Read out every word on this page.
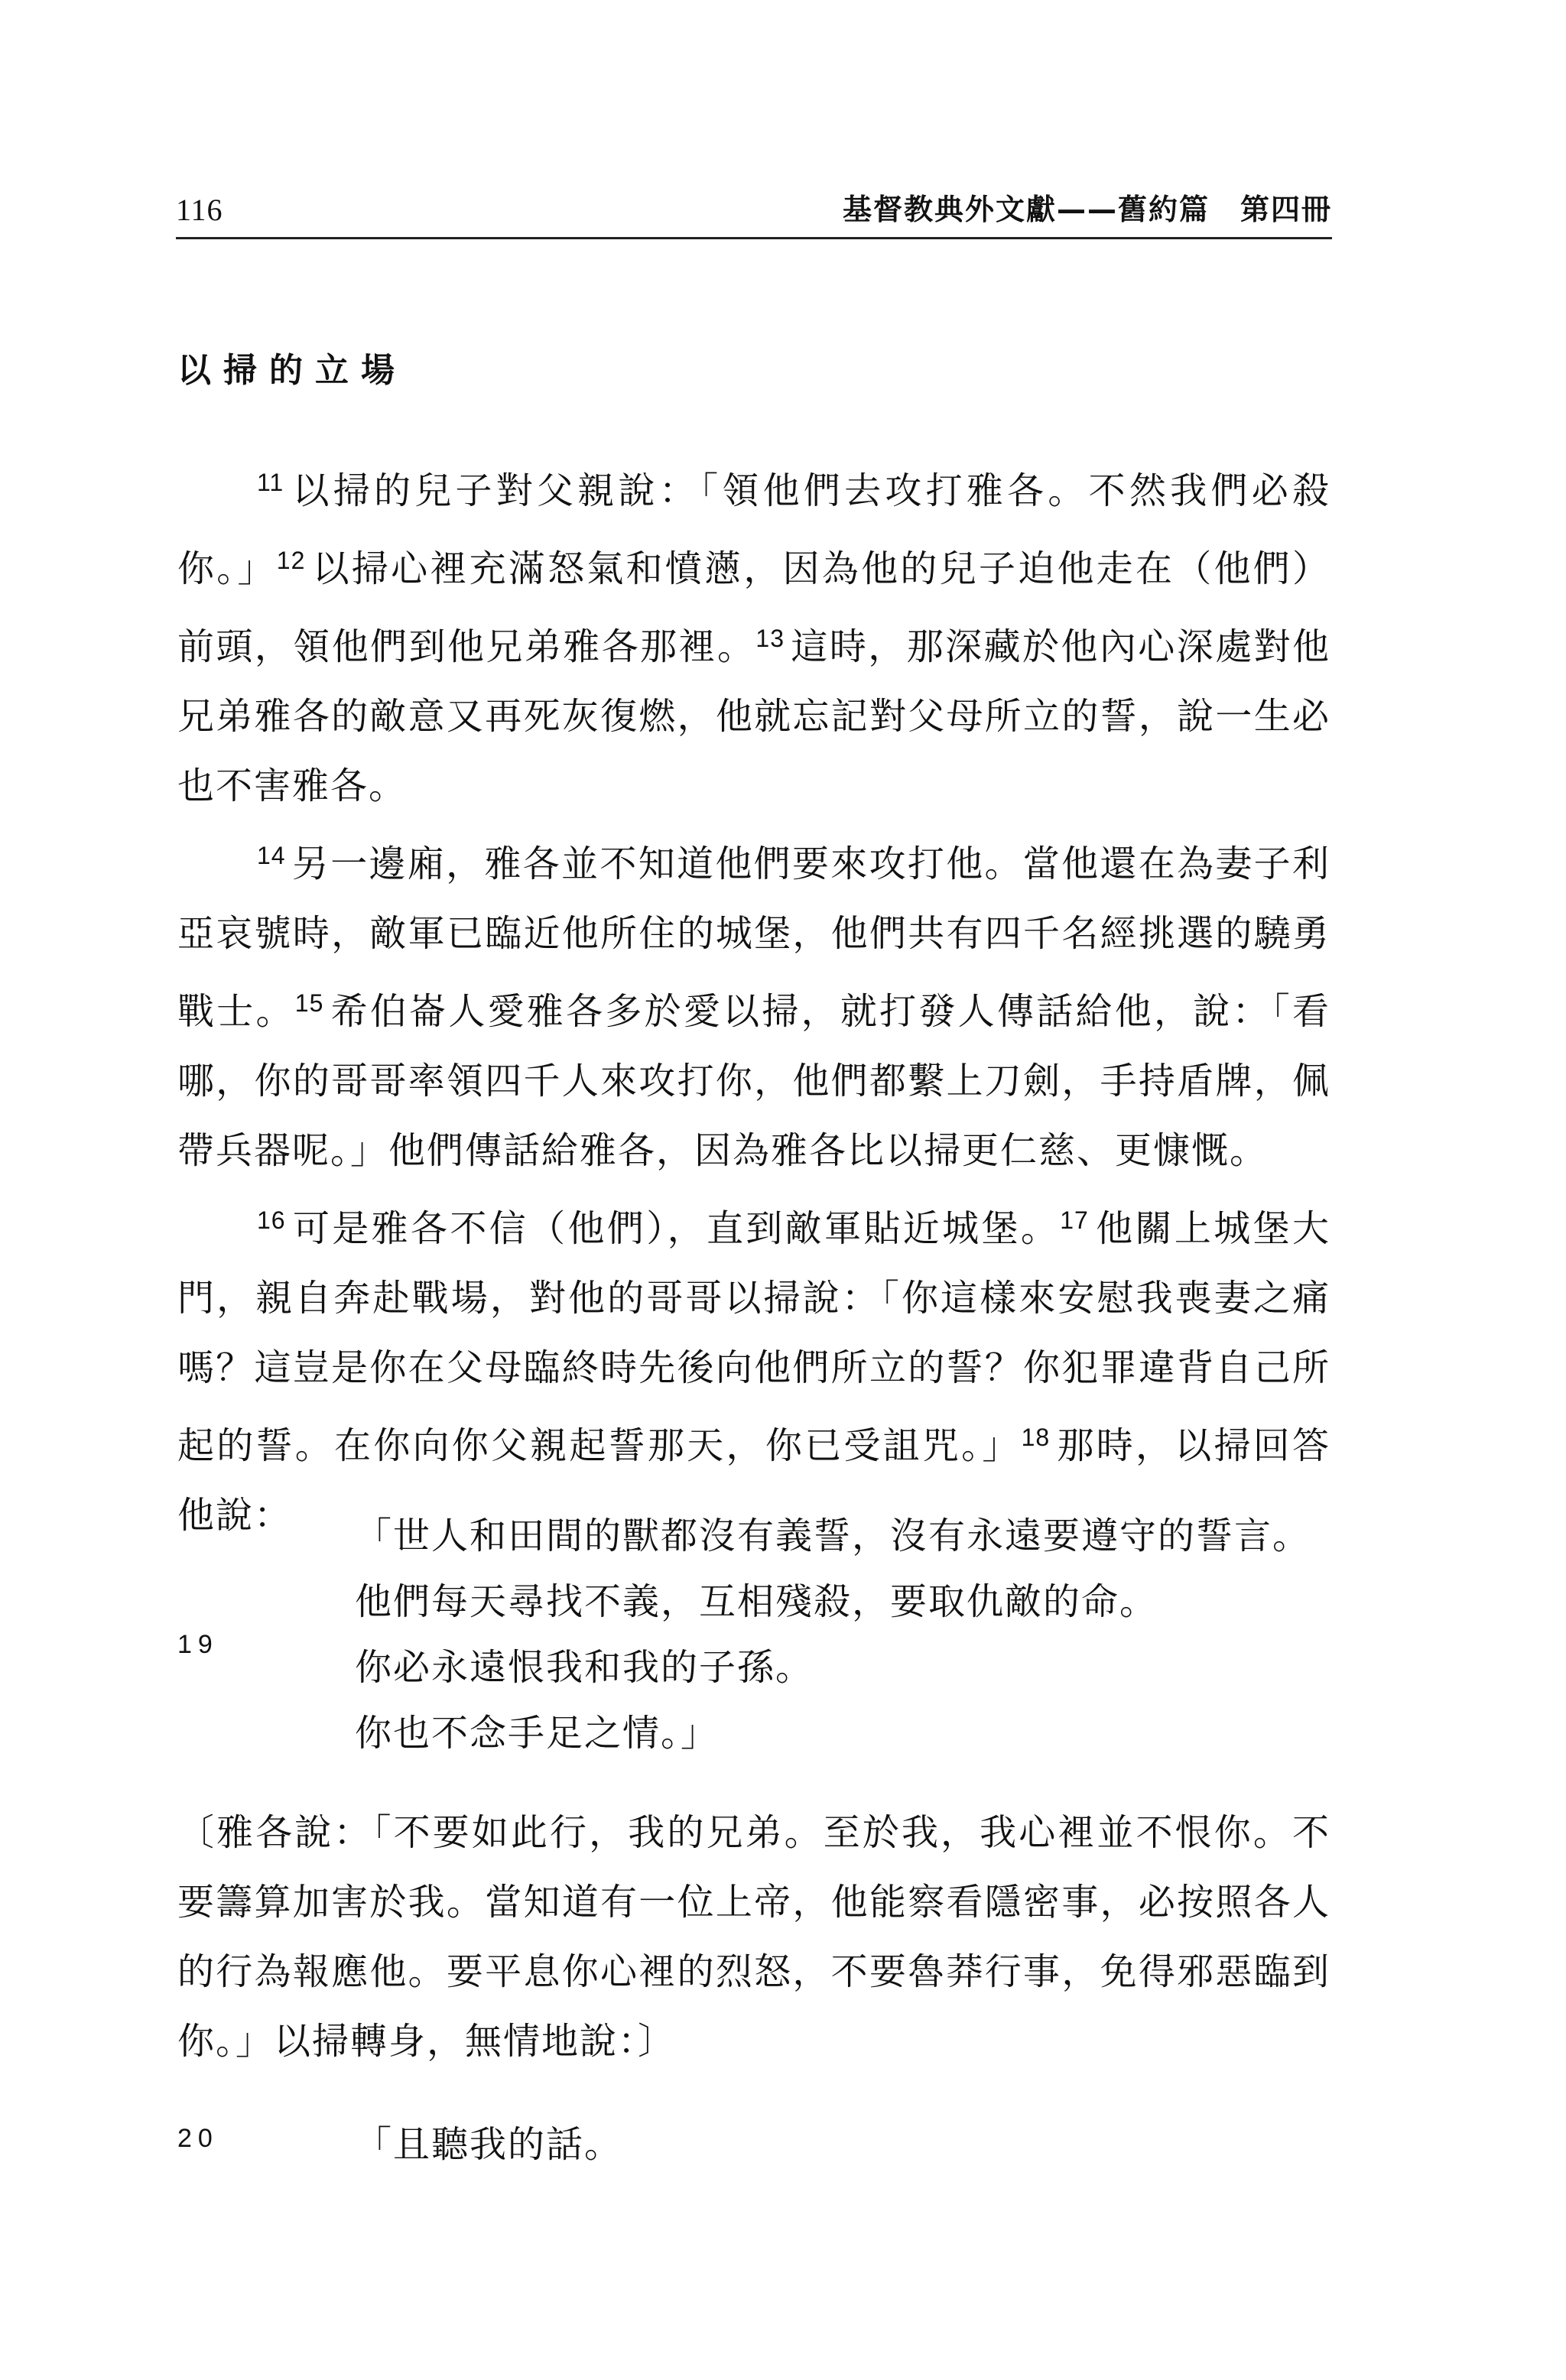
116	基督教典外文獻——舊約篇　第四冊
以掃的立場

$^{11}$ 以掃的兒子對父親說：「領他們去攻打雅各。不然我們必殺你。」$^{12}$ 以掃心裡充滿怒氣和憤懣，因為他的兒子迫他走在（他們）前頭，領他們到他兄弟雅各那裡。$^{13}$ 這時，那深藏於他內心深處對他兄弟雅各的敵意又再死灰復燃，他就忘記對父母所立的誓，說一生必也不害雅各。

$^{14}$ 另一邊廂，雅各並不知道他們要來攻打他。當他還在為妻子利亞哀號時，敵軍已臨近他所住的城堡，他們共有四千名經挑選的驍勇戰士。$^{15}$ 希伯崙人愛雅各多於愛以掃，就打發人傳話給他，說：「看哪，你的哥哥率領四千人來攻打你，他們都繫上刀劍，手持盾牌，佩帶兵器呢。」他們傳話給雅各，因為雅各比以掃更仁慈、更慷慨。

$^{16}$ 可是雅各不信（他們），直到敵軍貼近城堡。$^{17}$ 他關上城堡大門，親自奔赴戰場，對他的哥哥以掃說：「你這樣來安慰我喪妻之痛嗎？這豈是你在父母臨終時先後向他們所立的誓？你犯罪違背自己所起的誓。在你向你父親起誓那天，你已受詛咒。」$^{18}$ 那時，以掃回答他說：

19
「世人和田間的獸都沒有義誓，沒有永遠要遵守的誓言。
他們每天尋找不義，互相殘殺，要取仇敵的命。
你必永遠恨我和我的子孫。
你也不念手足之情。」

〔雅各說：「不要如此行，我的兄弟。至於我，我心裡並不恨你。不要籌算加害於我。當知道有一位上帝，他能察看隱密事，必按照各人的行為報應他。要平息你心裡的烈怒，不要魯莽行事，免得邪惡臨到你。」以掃轉身，無情地說：〕

20	「且聽我的話。
